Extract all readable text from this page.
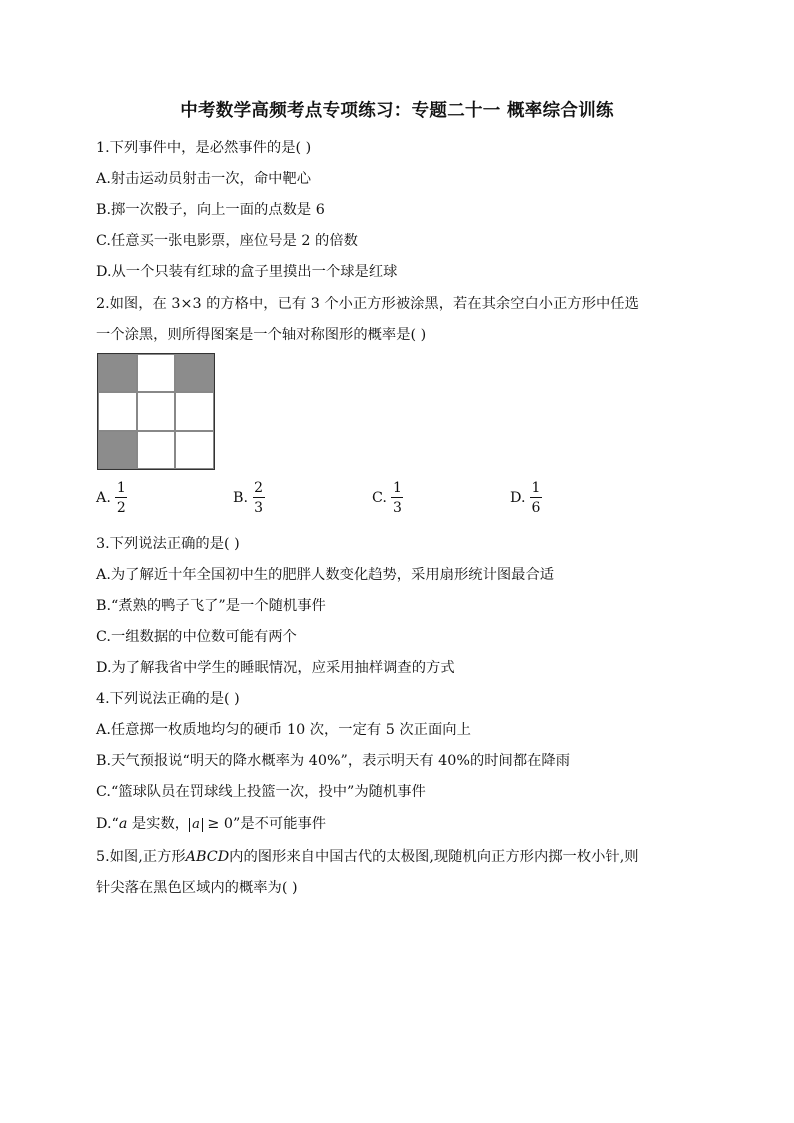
中考数学高频考点专项练习：专题二十一 概率综合训练
1.下列事件中，是必然事件的是( )
A.射击运动员射击一次，命中靶心
B.掷一次骰子，向上一面的点数是 6
C.任意买一张电影票，座位号是 2 的倍数
D.从一个只装有红球的盒子里摸出一个球是红球
2.如图，在 3×3 的方格中，已有 3 个小正方形被涂黑，若在其余空白小正方形中任选
一个涂黑，则所得图案是一个轴对称图形的概率是( )
A. $\frac{1}{2}$	B. $\frac{2}{3}$	C. $\frac{1}{3}$	D. $\frac{1}{6}$
3.下列说法正确的是( )
A.为了解近十年全国初中生的肥胖人数变化趋势，采用扇形统计图最合适
B.“煮熟的鸭子飞了”是一个随机事件
C.一组数据的中位数可能有两个
D.为了解我省中学生的睡眠情况，应采用抽样调查的方式
4.下列说法正确的是( )
A.任意掷一枚质地均匀的硬币 10 次，一定有 5 次正面向上
B.天气预报说“明天的降水概率为 40%”，表示明天有 40%的时间都在降雨
C.“篮球队员在罚球线上投篮一次，投中”为随机事件
D.“a 是实数， a ≥ 0”是不可能事件
5.如图,正方形ABCD内的图形来自中国古代的太极图,现随机向正方形内掷一枚小针,则
针尖落在黑色区域内的概率为( )
